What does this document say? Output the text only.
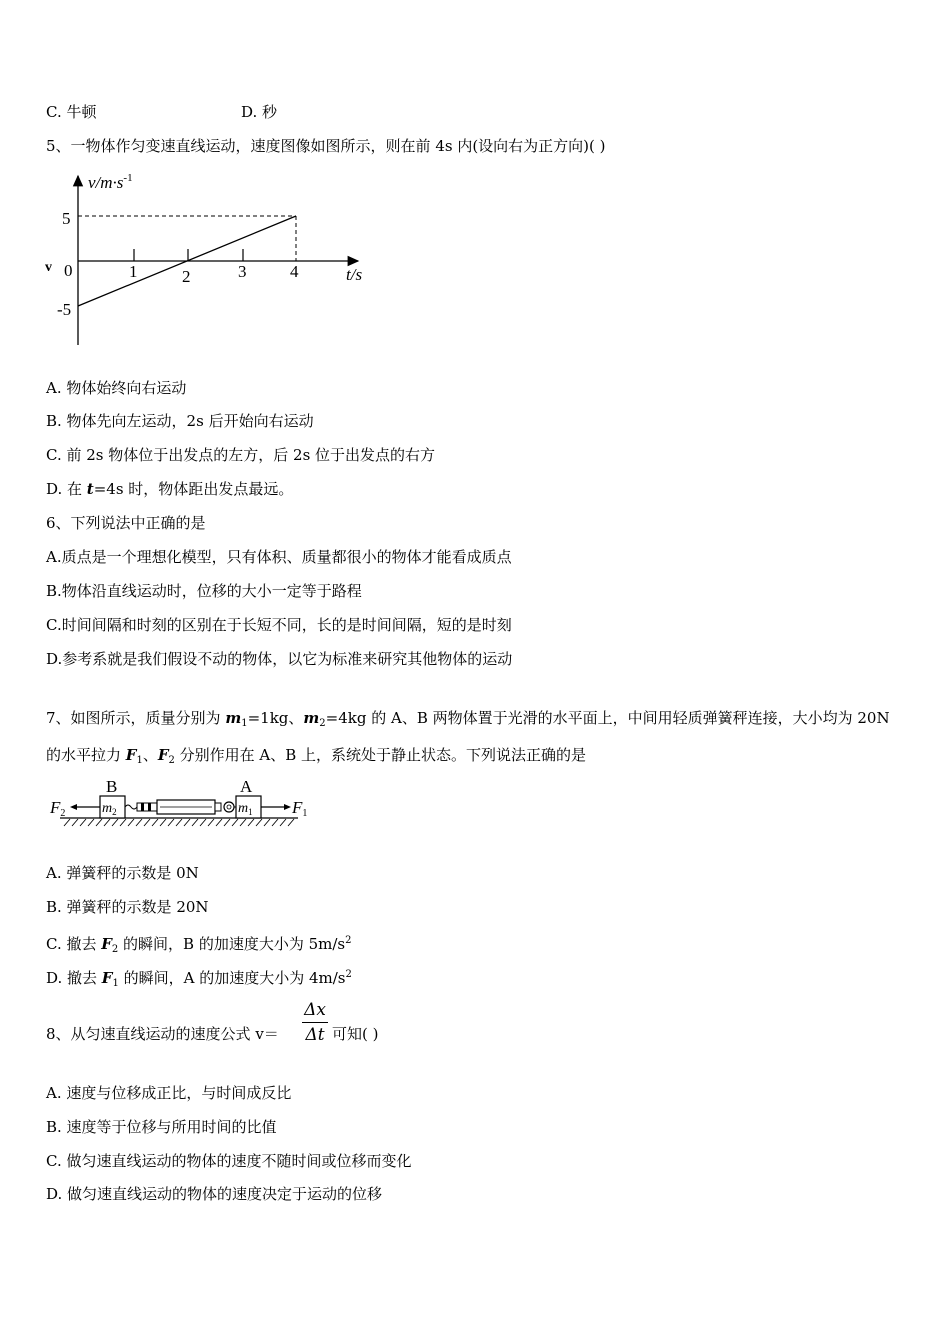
C. 牛顿	D. 秒
5、一物体作匀变速直线运动，速度图像如图所示，则在前 4s 内(设向右为正方向)( )
$v/m\cdot s^{-1}$
t/s
v
5
0
-5
1	2	3	4
A. 物体始终向右运动
B. 物体先向左运动，2s 后开始向右运动
C. 前 2s 物体位于出发点的左方，后 2s 位于出发点的右方
D. 在 t=4s 时，物体距出发点最远。
6、下列说法中正确的是
A.质点是一个理想化模型，只有体积、质量都很小的物体才能看成质点
B.物体沿直线运动时，位移的大小一定等于路程
C.时间间隔和时刻的区别在于长短不同，长的是时间间隔，短的是时刻
D.参考系就是我们假设不动的物体，以它为标准来研究其他物体的运动
7、如图所示，质量分别为 $m_1=1kg$、$m_2=4kg$ 的 A、B 两物体置于光滑的水平面上，中间用轻质弹簧秤连接，大小均为 20N
的水平拉力 $F_1$、$F_2$ 分别作用在 A、B 上，系统处于静止状态。下列说法正确的是
$m_2$
B
$m_1$
A
F2	F1
A. 弹簧秤的示数是 0N
B. 弹簧秤的示数是 20N
C. 撤去 $F_2$ 的瞬间，B 的加速度大小为 $5m/s^2$
D. 撤去 $F_1$ 的瞬间，A 的加速度大小为 $4m/s^2$
8、从匀速直线运动的速度公式 v＝
Δx
Δt 可知( )
A. 速度与位移成正比，与时间成反比
B. 速度等于位移与所用时间的比值
C. 做匀速直线运动的物体的速度不随时间或位移而变化
D. 做匀速直线运动的物体的速度决定于运动的位移
